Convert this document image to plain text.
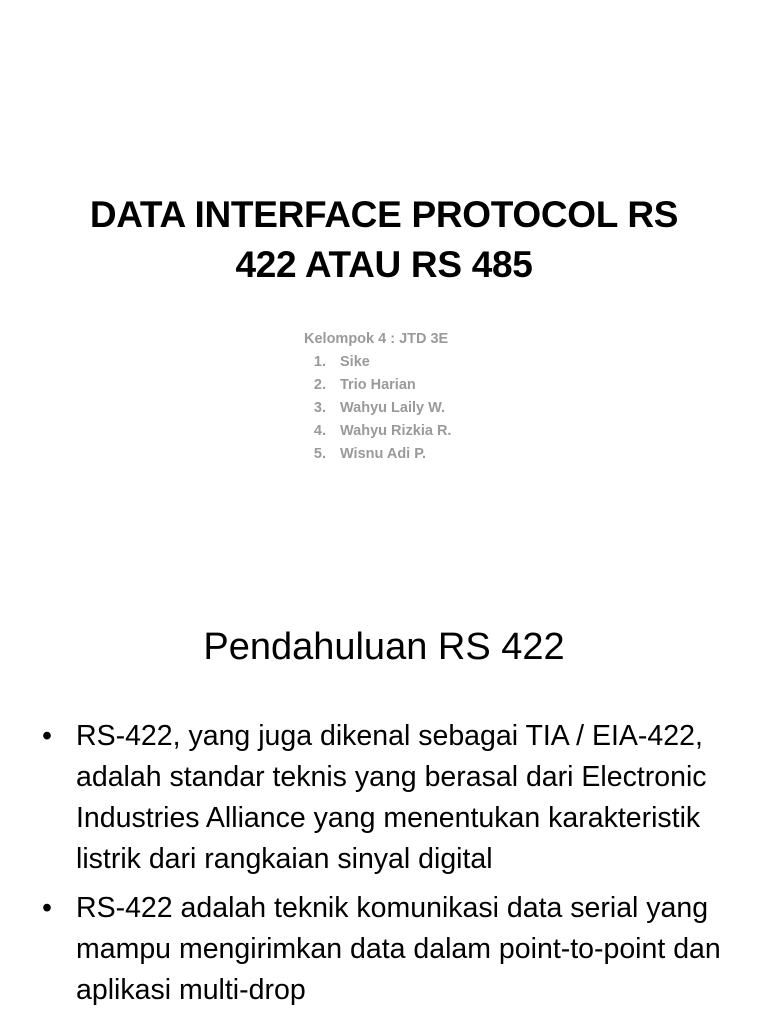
DATA INTERFACE PROTOCOL RS
422 ATAU RS 485
Kelompok 4 : JTD 3E
1. Sike
2. Trio Harian
3. Wahyu Laily W.
4. Wahyu Rizkia R.
5. Wisnu Adi P.
Pendahuluan RS 422
• RS-422, yang juga dikenal sebagai TIA / EIA-422, adalah standar teknis yang berasal dari Electronic Industries Alliance yang menentukan karakteristik listrik dari rangkaian sinyal digital
• RS-422 adalah teknik komunikasi data serial yang mampu mengirimkan data dalam point-to-point dan aplikasi multi-drop
